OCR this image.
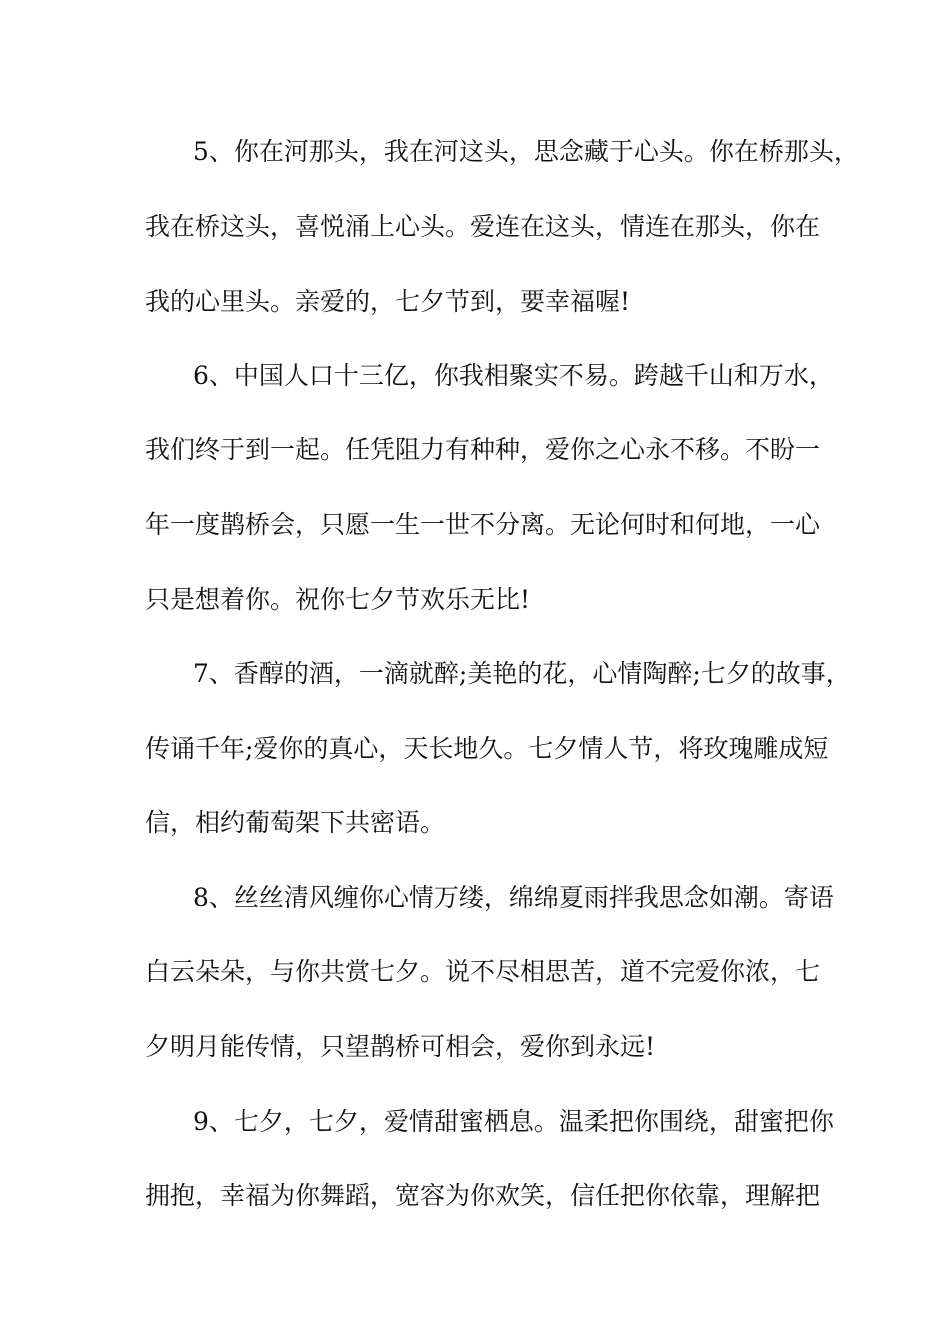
5、你在河那头，我在河这头，思念藏于心头。你在桥那头，
我在桥这头，喜悦涌上心头。爱连在这头，情连在那头，你在
我的心里头。亲爱的，七夕节到，要幸福喔!
6、中国人口十三亿，你我相聚实不易。跨越千山和万水，
我们终于到一起。任凭阻力有种种，爱你之心永不移。不盼一
年一度鹊桥会，只愿一生一世不分离。无论何时和何地，一心
只是想着你。祝你七夕节欢乐无比!
7、香醇的酒，一滴就醉;美艳的花，心情陶醉;七夕的故事，
传诵千年;爱你的真心，天长地久。七夕情人节，将玫瑰雕成短
信，相约葡萄架下共密语。
8、丝丝清风缠你心情万缕，绵绵夏雨拌我思念如潮。寄语
白云朵朵，与你共赏七夕。说不尽相思苦，道不完爱你浓，七
夕明月能传情，只望鹊桥可相会，爱你到永远!
9、七夕，七夕，爱情甜蜜栖息。温柔把你围绕，甜蜜把你
拥抱，幸福为你舞蹈，宽容为你欢笑，信任把你依靠，理解把
